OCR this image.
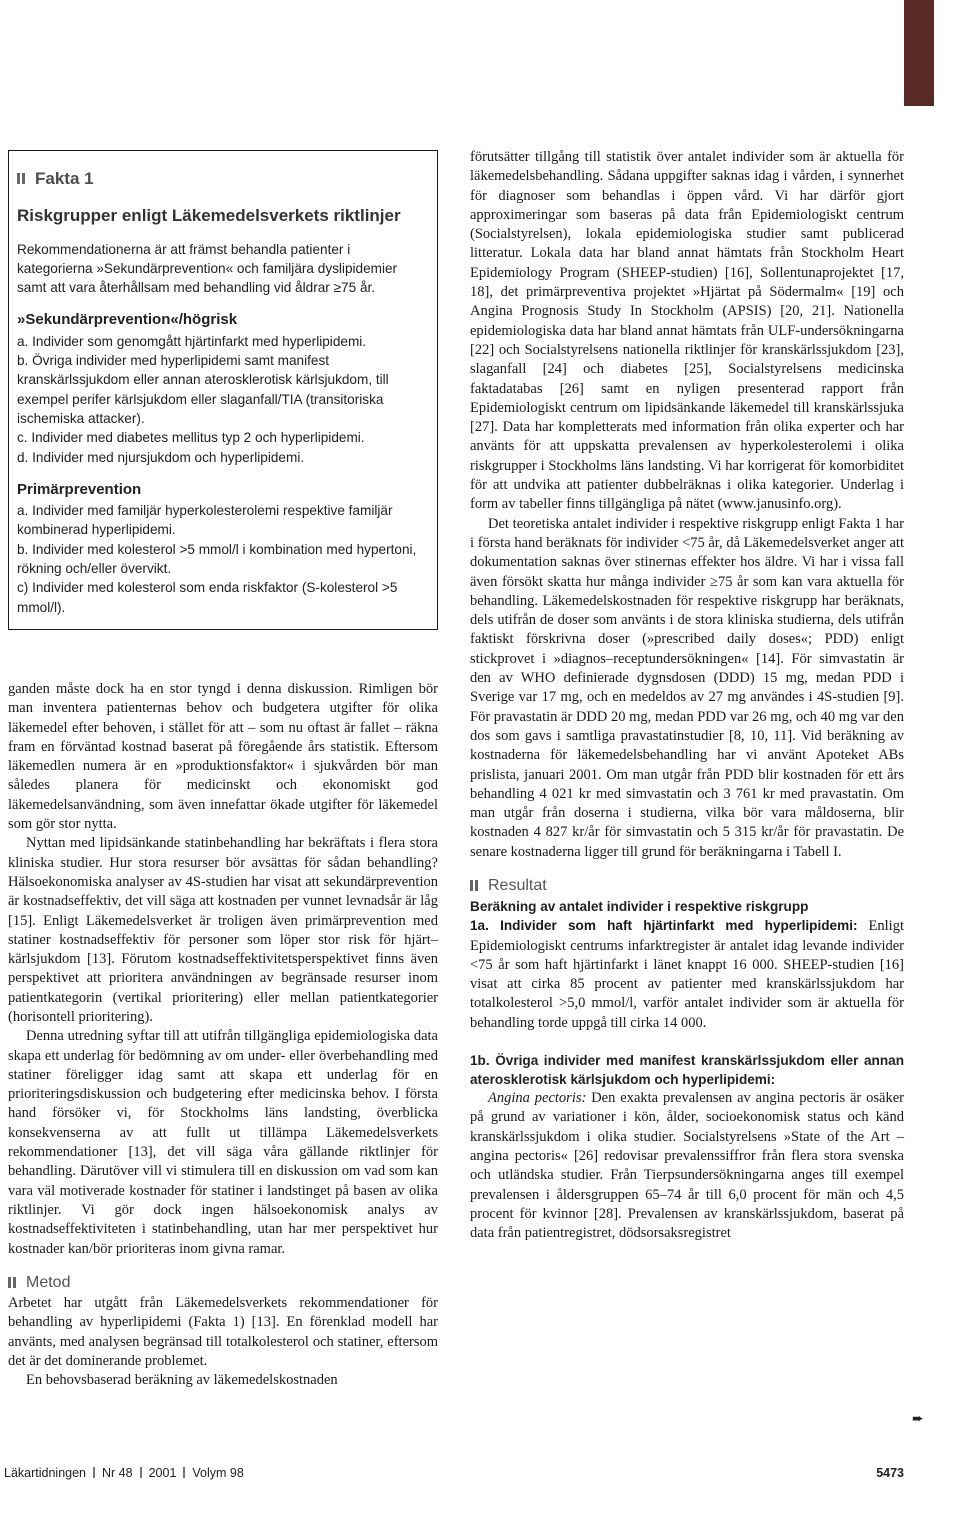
Fakta 1
Riskgrupper enligt Läkemedelsverkets riktlinjer

Rekommendationerna är att främst behandla patienter i kategorierna »Sekundärprevention« och familjära dyslipidemier samt att vara återhållsam med behandling vid åldrar ≥75 år.

»Sekundärprevention«/högrisk

a. Individer som genomgått hjärtinfarkt med hyperlipidemi.

b. Övriga individer med hyperlipidemi samt manifest kranskärlssjukdom eller annan aterosklerotisk kärlsjukdom, till exempel perifer kärlsjukdom eller slaganfall/TIA (transitoriska ischemiska attacker).

c. Individer med diabetes mellitus typ 2 och hyperlipidemi.

d. Individer med njursjukdom och hyperlipidemi.

Primärprevention

a. Individer med familjär hyperkolesterolemi respektive familjär kombinerad hyperlipidemi.

b. Individer med kolesterol >5 mmol/l i kombination med hypertoni, rökning och/eller övervikt.

c) Individer med kolesterol som enda riskfaktor (S-kolesterol >5 mmol/l).

ganden måste dock ha en stor tyngd i denna diskussion. Rimligen bör man inventera patienternas behov och budgetera utgifter för olika läkemedel efter behoven, i stället för att – som nu oftast är fallet – räkna fram en förväntad kostnad baserat på föregående års statistik. Eftersom läkemedlen numera är en »produktionsfaktor« i sjukvården bör man således planera för medicinskt och ekonomiskt god läkemedelsanvändning, som även innefattar ökade utgifter för läkemedel som gör stor nytta.

Nyttan med lipidsänkande statinbehandling har bekräftats i flera stora kliniska studier. Hur stora resurser bör avsättas för sådan behandling? Hälsoekonomiska analyser av 4S-studien har visat att sekundärprevention är kostnadseffektiv, det vill säga att kostnaden per vunnet levnadsår är låg [15]. Enligt Läkemedelsverket är troligen även primärprevention med statiner kostnadseffektiv för personer som löper stor risk för hjärt–kärlsjukdom [13]. Förutom kostnadseffektivitetsperspektivet finns även perspektivet att prioritera användningen av begränsade resurser inom patientkategorin (vertikal prioritering) eller mellan patientkategorier (horisontell prioritering).

Denna utredning syftar till att utifrån tillgängliga epidemiologiska data skapa ett underlag för bedömning av om under- eller överbehandling med statiner föreligger idag samt att skapa ett underlag för en prioriteringsdiskussion och budgetering efter medicinska behov. I första hand försöker vi, för Stockholms läns landsting, överblicka konsekvenserna av att fullt ut tillämpa Läkemedelsverkets rekommendationer [13], det vill säga våra gällande riktlinjer för behandling. Därutöver vill vi stimulera till en diskussion om vad som kan vara väl motiverade kostnader för statiner i landstinget på basen av olika riktlinjer. Vi gör dock ingen hälsoekonomisk analys av kostnadseffektiviteten i statinbehandling, utan har mer perspektivet hur kostnader kan/bör prioriteras inom givna ramar.

Metod

Arbetet har utgått från Läkemedelsverkets rekommendationer för behandling av hyperlipidemi (Fakta 1) [13]. En förenklad modell har använts, med analysen begränsad till totalkolesterol och statiner, eftersom det är det dominerande problemet.

En behovsbaserad beräkning av läkemedelskostnaden

förutsätter tillgång till statistik över antalet individer som är aktuella för läkemedelsbehandling. Sådana uppgifter saknas idag i vården, i synnerhet för diagnoser som behandlas i öppen vård. Vi har därför gjort approximeringar som baseras på data från Epidemiologiskt centrum (Socialstyrelsen), lokala epidemiologiska studier samt publicerad litteratur. Lokala data har bland annat hämtats från Stockholm Heart Epidemiology Program (SHEEP-studien) [16], Sollentunaprojektet [17, 18], det primärpreventiva projektet »Hjärtat på Södermalm« [19] och Angina Prognosis Study In Stockholm (APSIS) [20, 21]. Nationella epidemiologiska data har bland annat hämtats från ULF-undersökningarna [22] och Socialstyrelsens nationella riktlinjer för kranskärlssjukdom [23], slaganfall [24] och diabetes [25], Socialstyrelsens medicinska faktadatabas [26] samt en nyligen presenterad rapport från Epidemiologiskt centrum om lipidsänkande läkemedel till kranskärlssjuka [27]. Data har kompletterats med information från olika experter och har använts för att uppskatta prevalensen av hyperkolesterolemi i olika riskgrupper i Stockholms läns landsting. Vi har korrigerat för komorbiditet för att undvika att patienter dubbelräknas i olika kategorier. Underlag i form av tabeller finns tillgängliga på nätet (www.janusinfo.org).

Det teoretiska antalet individer i respektive riskgrupp enligt Fakta 1 har i första hand beräknats för individer <75 år, då Läkemedelsverket anger att dokumentation saknas över stinernas effekter hos äldre. Vi har i vissa fall även försökt skatta hur många individer ≥75 år som kan vara aktuella för behandling. Läkemedelskostnaden för respektive riskgrupp har beräknats, dels utifrån de doser som använts i de stora kliniska studierna, dels utifrån faktiskt förskrivna doser (»prescribed daily doses«; PDD) enligt stickprovet i »diagnos–receptundersökningen« [14]. För simvastatin är den av WHO definierade dygnsdosen (DDD) 15 mg, medan PDD i Sverige var 17 mg, och en medeldos av 27 mg användes i 4S-studien [9]. För pravastatin är DDD 20 mg, medan PDD var 26 mg, och 40 mg var den dos som gavs i samtliga pravastatinstudier [8, 10, 11]. Vid beräkning av kostnaderna för läkemedelsbehandling har vi använt Apoteket ABs prislista, januari 2001. Om man utgår från PDD blir kostnaden för ett års behandling 4 021 kr med simvastatin och 3 761 kr med pravastatin. Om man utgår från doserna i studierna, vilka bör vara måldoserna, blir kostnaden 4 827 kr/år för simvastatin och 5 315 kr/år för pravastatin. De senare kostnaderna ligger till grund för beräkningarna i Tabell I.

Resultat
Beräkning av antalet individer i respektive riskgrupp

1a. Individer som haft hjärtinfarkt med hyperlipidemi: Enligt Epidemiologiskt centrums infarktregister är antalet idag levande individer <75 år som haft hjärtinfarkt i länet knappt 16 000. SHEEP-studien [16] visat att cirka 85 procent av patienter med kranskärlssjukdom har totalkolesterol >5,0 mmol/l, varför antalet individer som är aktuella för behandling torde uppgå till cirka 14 000.

1b. Övriga individer med manifest kranskärlssjukdom eller annan aterosklerotisk kärlsjukdom och hyperlipidemi:

Angina pectoris: Den exakta prevalensen av angina pectoris är osäker på grund av variationer i kön, ålder, socioekonomisk status och känd kranskärlssjukdom i olika studier. Socialstyrelsens »State of the Art – angina pectoris« [26] redovisar prevalenssiffror från flera stora svenska och utländska studier. Från Tierpsundersökningarna anges till exempel prevalensen i åldersgruppen 65–74 år till 6,0 procent för män och 4,5 procent för kvinnor [28]. Prevalensen av kranskärlssjukdom, baserat på data från patientregistret, dödsorsaksregistret

➨
Läkartidningen Nr 48 2001 Volym 98	5473
